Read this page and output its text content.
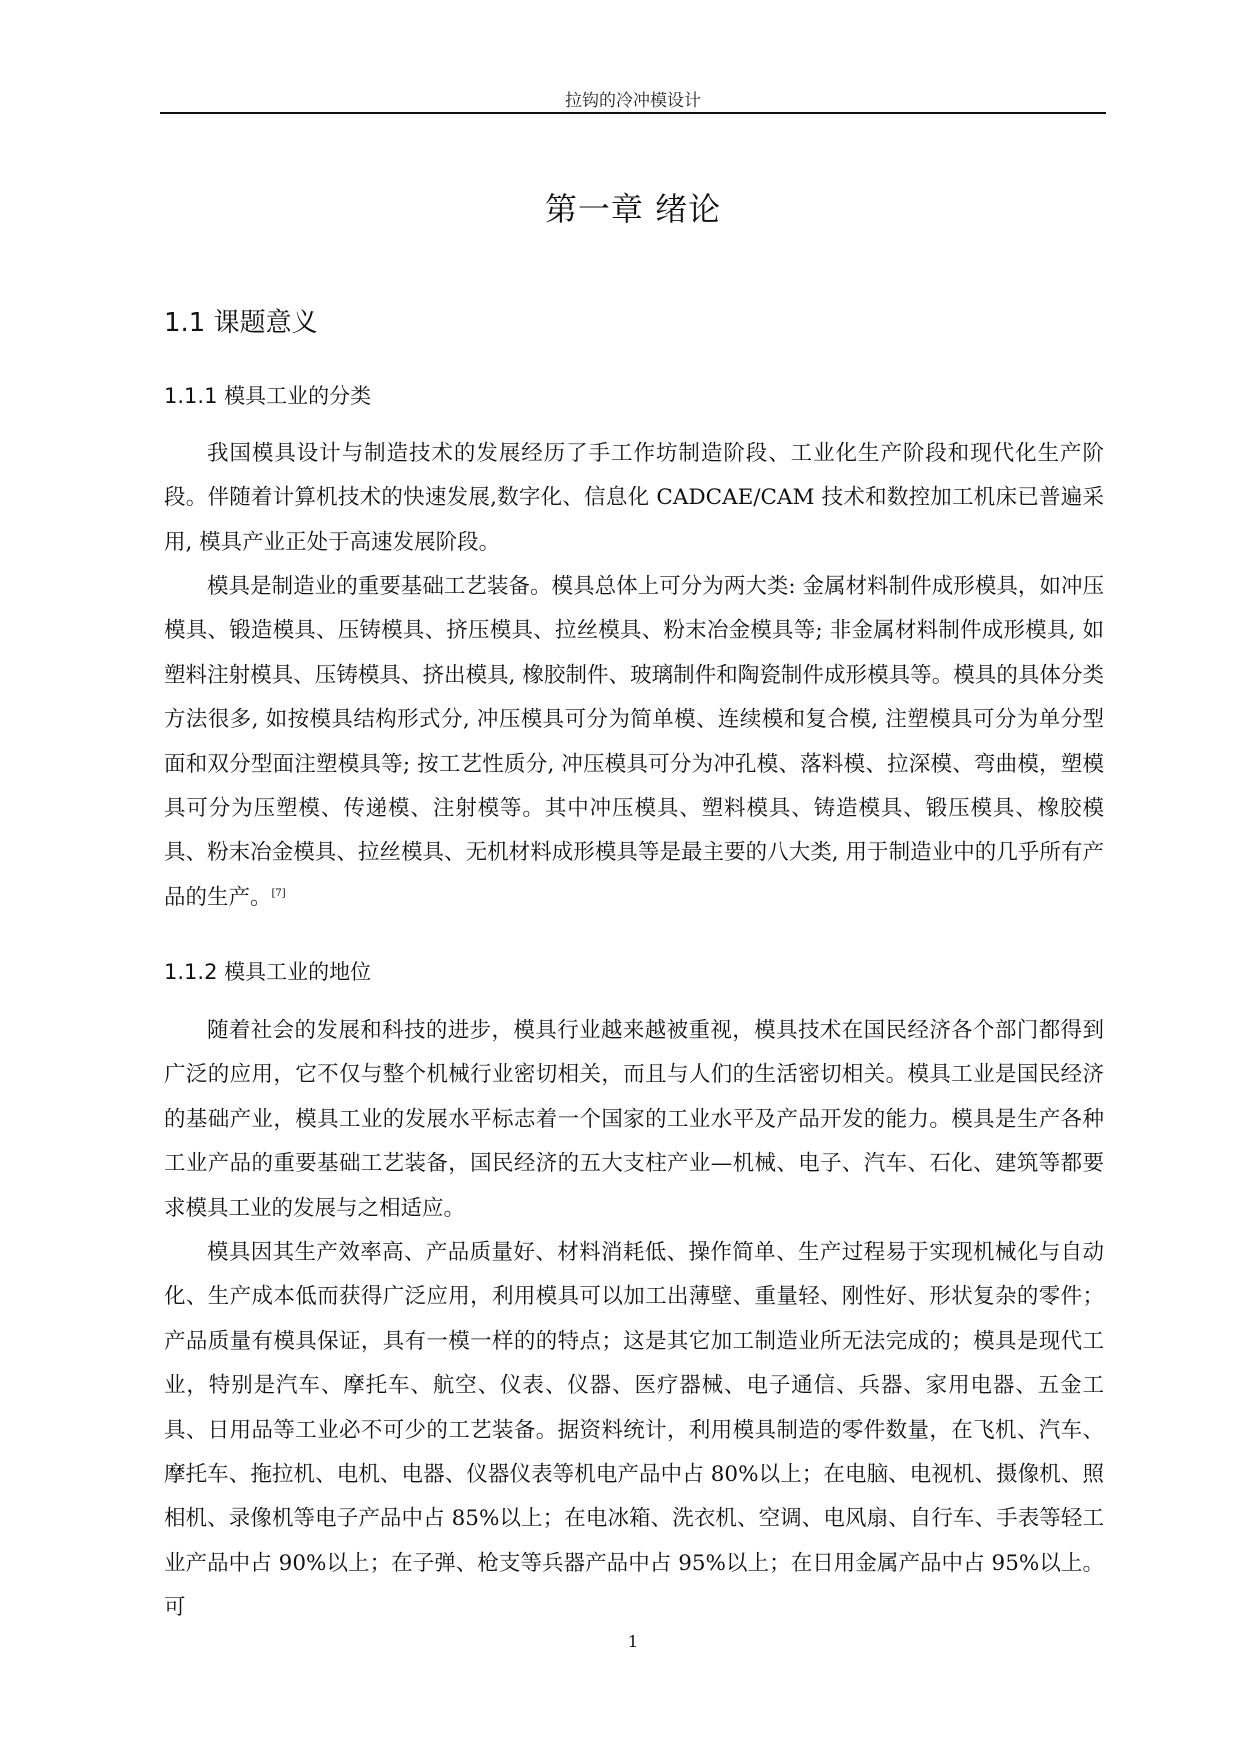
拉钩的冷冲模设计
第一章 绪论
1.1 课题意义
1.1.1 模具工业的分类

我国模具设计与制造技术的发展经历了手工作坊制造阶段、工业化生产阶段和现代化生产阶段。伴随着计算机技术的快速发展,数字化、信息化 CADCAE/CAM 技术和数控加工机床已普遍采用, 模具产业正处于高速发展阶段。

模具是制造业的重要基础工艺装备。模具总体上可分为两大类: 金属材料制件成形模具，如冲压模具、锻造模具、压铸模具、挤压模具、拉丝模具、粉末冶金模具等; 非金属材料制件成形模具, 如塑料注射模具、压铸模具、挤出模具, 橡胶制件、玻璃制件和陶瓷制件成形模具等。模具的具体分类方法很多, 如按模具结构形式分, 冲压模具可分为简单模、连续模和复合模, 注塑模具可分为单分型面和双分型面注塑模具等; 按工艺性质分, 冲压模具可分为冲孔模、落料模、拉深模、弯曲模，塑模具可分为压塑模、传递模、注射模等。其中冲压模具、塑料模具、铸造模具、锻压模具、橡胶模具、粉末冶金模具、拉丝模具、无机材料成形模具等是最主要的八大类, 用于制造业中的几乎所有产品的生产。[7]

1.1.2 模具工业的地位

随着社会的发展和科技的进步，模具行业越来越被重视，模具技术在国民经济各个部门都得到广泛的应用，它不仅与整个机械行业密切相关，而且与人们的生活密切相关。模具工业是国民经济的基础产业，模具工业的发展水平标志着一个国家的工业水平及产品开发的能力。模具是生产各种工业产品的重要基础工艺装备，国民经济的五大支柱产业—机械、电子、汽车、石化、建筑等都要求模具工业的发展与之相适应。

模具因其生产效率高、产品质量好、材料消耗低、操作简单、生产过程易于实现机械化与自动化、生产成本低而获得广泛应用，利用模具可以加工出薄壁、重量轻、刚性好、形状复杂的零件；产品质量有模具保证，具有一模一样的的特点；这是其它加工制造业所无法完成的；模具是现代工业，特别是汽车、摩托车、航空、仪表、仪器、医疗器械、电子通信、兵器、家用电器、五金工具、日用品等工业必不可少的工艺装备。据资料统计，利用模具制造的零件数量，在飞机、汽车、摩托车、拖拉机、电机、电器、仪器仪表等机电产品中占 80%以上；在电脑、电视机、摄像机、照相机、录像机等电子产品中占 85%以上；在电冰箱、洗衣机、空调、电风扇、自行车、手表等轻工业产品中占 90%以上；在子弹、枪支等兵器产品中占 95%以上；在日用金属产品中占 95%以上。可

1
